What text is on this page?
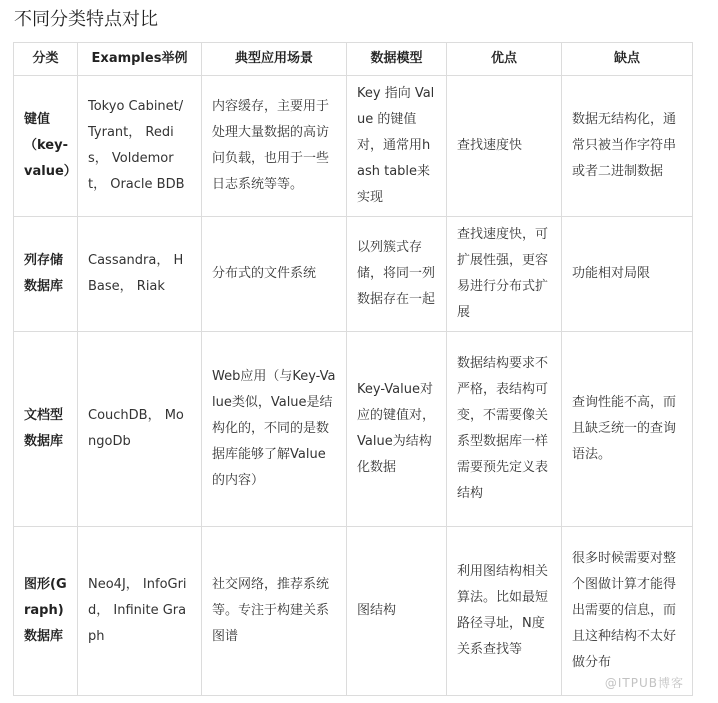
不同分类特点对比
分类	Examples举例	典型应用场景	数据模型	优点	缺点
键值（key-value）	Tokyo Cabinet/Tyrant， Redis， Voldemort， Oracle BDB	内容缓存，主要用于处理大量数据的高访问负载，也用于一些日志系统等等。	Key 指向 Value 的键值对，通常用hash table来实现	查找速度快	数据无结构化，通常只被当作字符串或者二进制数据
列存储数据库	Cassandra， HBase， Riak	分布式的文件系统	以列簇式存储，将同一列数据存在一起	查找速度快，可扩展性强，更容易进行分布式扩展	功能相对局限
文档型数据库	CouchDB， MongoDb	Web应用（与Key-Value类似，Value是结构化的，不同的是数据库能够了解Value的内容）	Key-Value对应的键值对，Value为结构化数据	数据结构要求不严格，表结构可变，不需要像关系型数据库一样需要预先定义表结构	查询性能不高，而且缺乏统一的查询语法。
图形(Graph)数据库	Neo4J， InfoGrid， Infinite Graph	社交网络，推荐系统等。专注于构建关系图谱	图结构	利用图结构相关算法。比如最短路径寻址，N度关系查找等	很多时候需要对整个图做计算才能得出需要的信息，而且这种结构不太好做分布
@ITPUB博客
